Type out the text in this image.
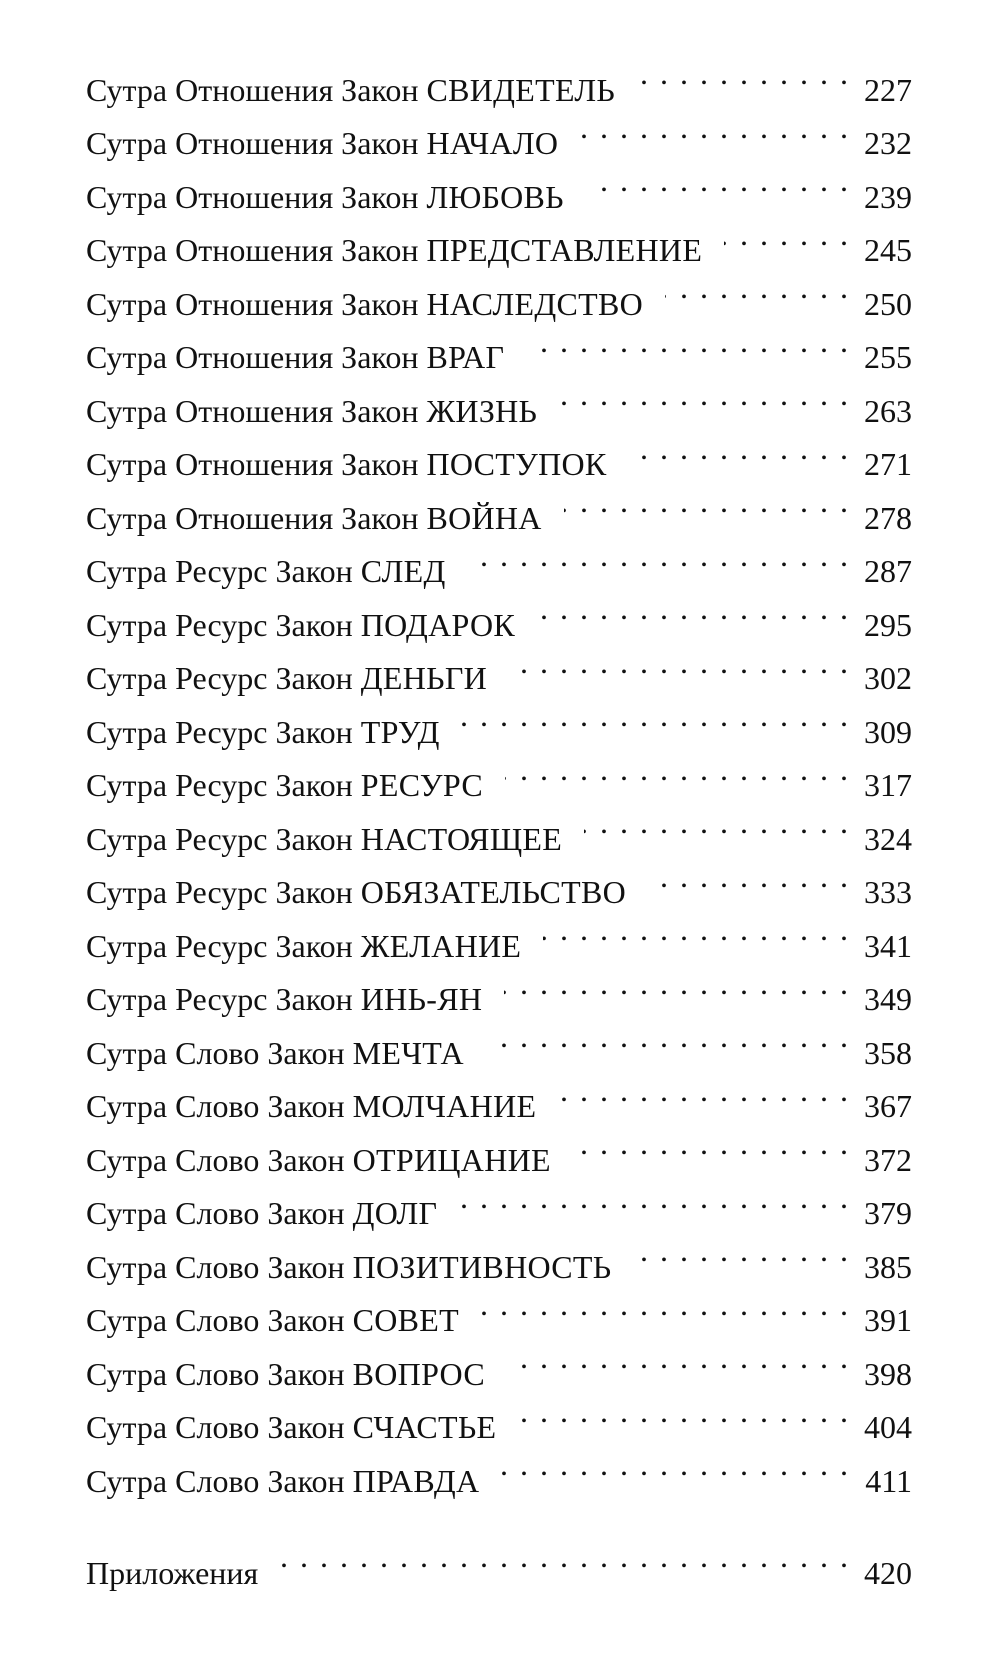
Сутра Отношения Закон СВИДЕТЕЛЬ . . .	227
Сутра Отношения Закон НАЧАЛО . . .	232
Сутра Отношения Закон ЛЮБОВЬ . . .	239
Сутра Отношения Закон ПРЕДСТАВЛЕНИЕ . . .	245
Сутра Отношения Закон НАСЛЕДСТВО . . .	250
Сутра Отношения Закон ВРАГ . . .	255
Сутра Отношения Закон ЖИЗНЬ . . .	263
Сутра Отношения Закон ПОСТУПОК . . .	271
Сутра Отношения Закон ВОЙНА . . .	278
Сутра Ресурс Закон СЛЕД . . .	287
Сутра Ресурс Закон ПОДАРОК . . .	295
Сутра Ресурс Закон ДЕНЬГИ . . .	302
Сутра Ресурс Закон ТРУД . . .	309
Сутра Ресурс Закон РЕСУРС . . .	317
Сутра Ресурс Закон НАСТОЯЩЕЕ . . .	324
Сутра Ресурс Закон ОБЯЗАТЕЛЬСТВО . . .	333
Сутра Ресурс Закон ЖЕЛАНИЕ . . .	341
Сутра Ресурс Закон ИНЬ-ЯН . . .	349
Сутра Слово Закон МЕЧТА . . .	358
Сутра Слово Закон МОЛЧАНИЕ . . .	367
Сутра Слово Закон ОТРИЦАНИЕ . . .	372
Сутра Слово Закон ДОЛГ . . .	379
Сутра Слово Закон ПОЗИТИВНОСТЬ . . .	385
Сутра Слово Закон СОВЕТ . . .	391
Сутра Слово Закон ВОПРОС . . .	398
Сутра Слово Закон СЧАСТЬЕ . . .	404
Сутра Слово Закон ПРАВДА . . .	411
Приложения . . .	420
